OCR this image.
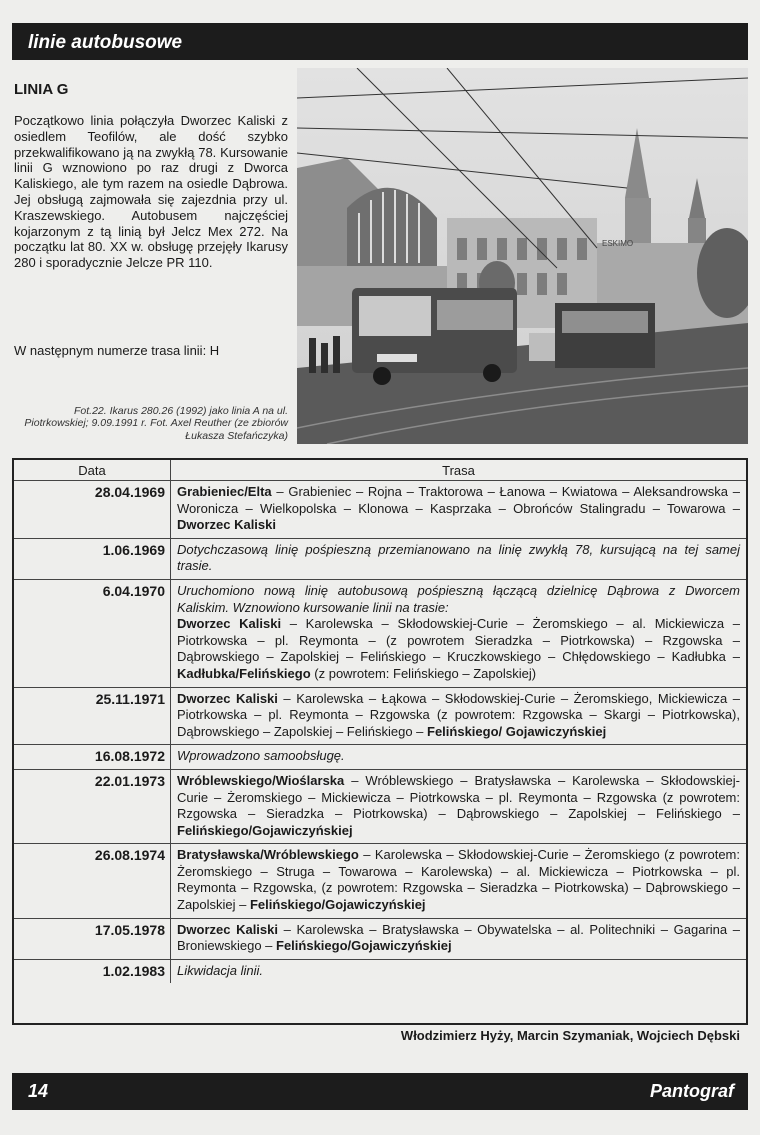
linie autobusowe
LINIA G
Początkowo linia połączyła Dworzec Kaliski z osiedlem Teofilów, ale dość szybko przekwalifikowano ją na zwykłą 78. Kursowanie linii G wznowiono po raz drugi z Dworca Kaliskiego, ale tym razem na osiedle Dąbrowa. Jej obsługą zajmowała się zajezdnia przy ul. Kraszewskiego. Autobusem najczęściej kojarzonym z tą linią był Jelcz Mex 272. Na początku lat 80. XX w. obsługę przejęły Ikarusy 280 i sporadycznie Jelcze PR 110.
W następnym numerze trasa linii: H
ESKIMO
Fot.22. Ikarus 280.26 (1992) jako linia A na ul. Piotrkowskiej; 9.09.1991 r. Fot. Axel Reuther (ze zbiorów Łukasza Stefańczyka)
Data	Trasa
28.04.1969	Grabieniec/Elta – Grabieniec – Rojna – Traktorowa – Łanowa – Kwiatowa – Aleksandrowska – Woronicza – Wielkopolska – Klonowa – Kasprzaka – Obrońców Stalingradu – Towarowa – Dworzec Kaliski
1.06.1969	Dotychczasową linię pośpieszną przemianowano na linię zwykłą 78, kursującą na tej samej trasie.
6.04.1970	Uruchomiono nową linię autobusową pośpieszną łączącą dzielnicę Dąbrowa z Dworcem Kaliskim. Wznowiono kursowanie linii na trasie:
Dworzec Kaliski – Karolewska – Skłodowskiej-Curie – Żeromskiego – al. Mickiewicza – Piotrkowska – pl. Reymonta – (z powrotem Sieradzka – Piotrkowska) – Rzgowska – Dąbrowskiego – Zapolskiej – Felińskiego – Kruczkowskiego – Chłędowskiego – Kadłubka – Kadłubka/Felińskiego (z powrotem: Felińskiego – Zapolskiej)
25.11.1971	Dworzec Kaliski – Karolewska – Łąkowa – Skłodowskiej-Curie – Żeromskiego, Mickiewicza – Piotrkowska – pl. Reymonta – Rzgowska (z powrotem: Rzgowska – Skargi – Piotrkowska), Dąbrowskiego – Zapolskiej – Felińskiego – Felińskiego/ Gojawiczyńskiej
16.08.1972	Wprowadzono samoobsługę.
22.01.1973	Wróblewskiego/Wioślarska – Wróblewskiego – Bratysławska – Karolewska – Skłodowskiej-Curie – Żeromskiego – Mickiewicza – Piotrkowska – pl. Reymonta – Rzgowska (z powrotem: Rzgowska – Sieradzka – Piotrkowska) – Dąbrowskiego – Zapolskiej – Felińskiego – Felińskiego/Gojawiczyńskiej
26.08.1974	Bratysławska/Wróblewskiego – Karolewska – Skłodowskiej-Curie – Żeromskiego (z powrotem: Żeromskiego – Struga – Towarowa – Karolewska) – al. Mickiewicza – Piotrkowska – pl. Reymonta – Rzgowska, (z powrotem: Rzgowska – Sieradzka – Piotrkowska) – Dąbrowskiego – Zapolskiej – Felińskiego/Gojawiczyńskiej
17.05.1978	Dworzec Kaliski – Karolewska – Bratysławska – Obywatelska – al. Politechniki – Gagarina – Broniewskiego – Felińskiego/Gojawiczyńskiej
1.02.1983	Likwidacja linii.
Włodzimierz Hyży, Marcin Szymaniak, Wojciech Dębski
14	Pantograf
